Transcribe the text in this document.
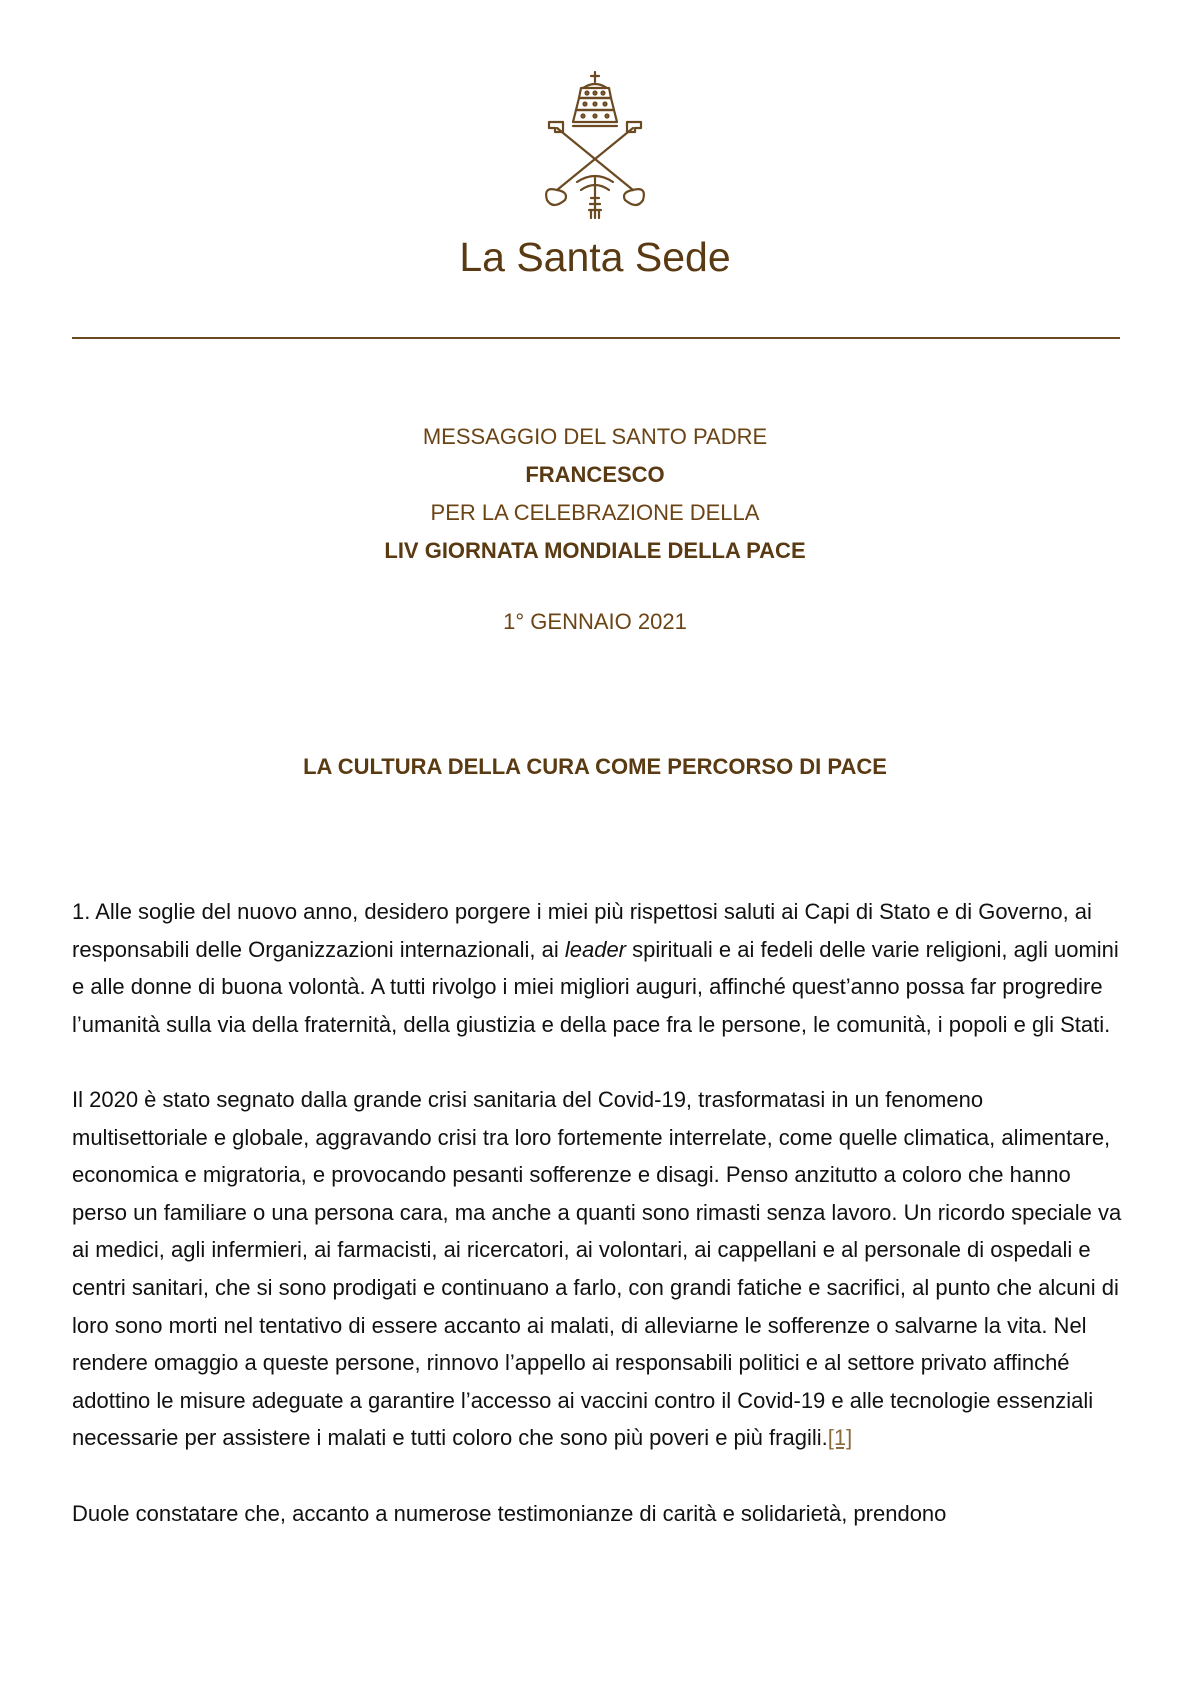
La Santa Sede
MESSAGGIO DEL SANTO PADRE
FRANCESCO
PER LA CELEBRAZIONE DELLA
LIV GIORNATA MONDIALE DELLA PACE
1° GENNAIO 2021
LA CULTURA DELLA CURA COME PERCORSO DI PACE

1. Alle soglie del nuovo anno, desidero porgere i miei più rispettosi saluti ai Capi di Stato e di Governo, ai responsabili delle Organizzazioni internazionali, ai leader spirituali e ai fedeli delle varie religioni, agli uomini e alle donne di buona volontà. A tutti rivolgo i miei migliori auguri, affinché quest’anno possa far progredire l’umanità sulla via della fraternità, della giustizia e della pace fra le persone, le comunità, i popoli e gli Stati.

Il 2020 è stato segnato dalla grande crisi sanitaria del Covid-19, trasformatasi in un fenomeno multisettoriale e globale, aggravando crisi tra loro fortemente interrelate, come quelle climatica, alimentare, economica e migratoria, e provocando pesanti sofferenze e disagi. Penso anzitutto a coloro che hanno perso un familiare o una persona cara, ma anche a quanti sono rimasti senza lavoro. Un ricordo speciale va ai medici, agli infermieri, ai farmacisti, ai ricercatori, ai volontari, ai cappellani e al personale di ospedali e centri sanitari, che si sono prodigati e continuano a farlo, con grandi fatiche e sacrifici, al punto che alcuni di loro sono morti nel tentativo di essere accanto ai malati, di alleviarne le sofferenze o salvarne la vita. Nel rendere omaggio a queste persone, rinnovo l’appello ai responsabili politici e al settore privato affinché adottino le misure adeguate a garantire l’accesso ai vaccini contro il Covid-19 e alle tecnologie essenziali necessarie per assistere i malati e tutti coloro che sono più poveri e più fragili.[1]

Duole constatare che, accanto a numerose testimonianze di carità e solidarietà, prendono
